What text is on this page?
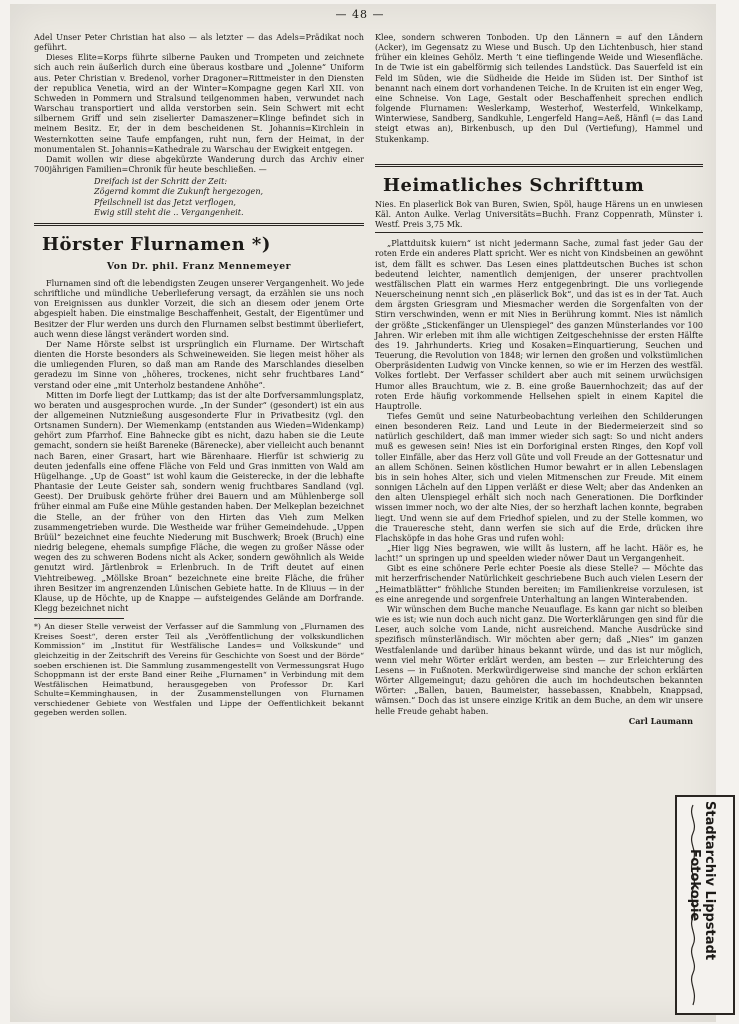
— 48 —

Adel Unser Peter Christian hat also — als letzter — das Adels=Prädikat noch geführt.

Dieses Elite=Korps führte silberne Pauken und Trompeten und zeichnete sich auch rein äußerlich durch eine überaus kostbare und „Jolenne“ Uniform aus. Peter Christian v. Bredenol, vorher Dragoner=Rittmeister in den Diensten der republica Venetia, wird an der Winter=Kompagne gegen Karl XII. von Schweden in Pommern und Stralsund teilgenommen haben, verwundet nach Warschau transportiert und allda verstorben sein. Sein Schwert mit echt silbernem Griff und sein ziselierter Damaszener=Klinge befindet sich in meinem Besitz. Er, der in dem bescheidenen St. Johannis=Kirchlein in Westernkotten seine Taufe empfangen, ruht nun, fern der Heimat, in der monumentalen St. Johannis=Kathedrale zu Warschau der Ewigkeit entgegen.

Damit wollen wir diese abgekürzte Wanderung durch das Archiv einer 700jährigen Familien=Chronik für heute beschließen. —

Dreifach ist der Schritt der Zeit:

Zögernd kommt die Zukunft hergezogen,

Pfeilschnell ist das Jetzt verflogen,

Ewig still steht die .. Vergangenheit.

Hörster Flurnamen *)
Von Dr. phil. Franz Mennemeyer

Flurnamen sind oft die lebendigsten Zeugen unserer Vergangenheit. Wo jede schriftliche und mündliche Ueberlieferung versagt, da erzählen sie uns noch von Ereignissen aus dunkler Vorzeit, die sich an diesem oder jenem Orte abgespielt haben. Die einstmalige Beschaffenheit, Gestalt, der Eigentümer und Besitzer der Flur werden uns durch den Flurnamen selbst bestimmt überliefert, auch wenn diese längst verändert worden sind.

Der Name Hörste selbst ist ursprünglich ein Flurname. Der Wirtschaft dienten die Horste besonders als Schweineweiden. Sie liegen meist höher als die umliegenden Fluren, so daß man am Rande des Marschlandes dieselben geradezu im Sinne von „höheres, trockenes, nicht sehr fruchtbares Land“ verstand oder eine „mit Unterholz bestandene Anhöhe“.

Mitten im Dorfe liegt der Luttkamp; das ist der alte Dorfversammlungsplatz, wo beraten und ausgesprochen wurde. „In der Sunder“ (gesondert) ist ein aus der allgemeinen Nutznießung ausgesonderte Flur in Privatbesitz (vgl. den Ortsnamen Sundern). Der Wiemenkamp (entstanden aus Wieden=Widenkamp) gehört zum Pfarrhof. Eine Bahnecke gibt es nicht, dazu haben sie die Leute gemacht, sondern sie heißt Bareneke (Bärenecke), aber vielleicht auch benannt nach Baren, einer Grasart, hart wie Bärenhaare. Hierfür ist schwierig zu deuten jedenfalls eine offene Fläche von Feld und Gras inmitten von Wald am Hügelhange. „Up de Goast“ ist wohl kaum die Geisterecke, in der die lebhafte Phantasie der Leute Geister sah, sondern wenig fruchtbares Sandland (vgl. Geest). Der Druibusk gehörte früher drei Bauern und am Mühlenberge soll früher einmal am Fuße eine Mühle gestanden haben. Der Melkeplan bezeichnet die Stelle, an der früher von den Hirten das Vieh zum Melken zusammengetrieben wurde. Die Westheide war früher Gemeindehude. „Uppen Brüül“ bezeichnet eine feuchte Niederung mit Buschwerk; Broek (Bruch) eine niedrig belegene, ehemals sumpfige Fläche, die wegen zu großer Nässe oder wegen des zu schweren Bodens nicht als Acker, sondern gewöhnlich als Weide genutzt wird. Järtlenbrok = Erlenbruch. In de Trift deutet auf einen Viehtreibeweg. „Möllske Broan“ bezeichnete eine breite Fläche, die früher ihren Besitzer im angrenzenden Lünischen Gebiete hatte. In de Kliuus — in der Klause, up de Höchte, up de Knappe — aufsteigendes Gelände am Dorfrande. Klegg bezeichnet nicht

*) An dieser Stelle verweist der Verfasser auf die Sammlung von „Flurnamen des Kreises Soest“, deren erster Teil als „Veröffentlichung der volkskundlichen Kommission“ im „Institut für Westfälische Landes= und Volkskunde“ und gleichzeitig in der Zeitschrift des Vereins für Geschichte von Soest und der Börde“ soeben erschienen ist. Die Sammlung zusammengestellt von Vermessungsrat Hugo Schoppmann ist der erste Band einer Reihe „Flurnamen“ in Verbindung mit dem Westfälischen Heimatbund, herausgegeben von Professor Dr. Karl Schulte=Kemminghausen, in der Zusammenstellungen von Flurnamen verschiedener Gebiete von Westfalen und Lippe der Oeffentlichkeit bekannt gegeben werden sollen.

Klee, sondern schweren Tonboden. Up den Lännern = auf den Ländern (Acker), im Gegensatz zu Wiese und Busch. Up den Lichtenbusch, hier stand früher ein kleines Gehölz. Merth ’t eine tieflingende Weide und Wiesenfläche. In de Twie ist ein gabelförmig sich teilendes Landstück. Das Sauerfeld ist ein Feld im Süden, wie die Südheide die Heide im Süden ist. Der Sinthof ist benannt nach einem dort vorhandenen Teiche. In de Kruiten ist ein enger Weg, eine Schneise. Von Lage, Gestalt oder Beschaffenheit sprechen endlich folgende Flurnamen: Weslerkamp, Westerhof, Westerfeld, Winkelkamp, Winterwiese, Sandberg, Sandkuhle, Lengerfeld Hang=Aeß, Hänfl (= das Land steigt etwas an), Birkenbusch, up den Dul (Vertiefung), Hammel und Stukenkamp.

Heimatliches Schrifttum

Nies. En plaserlick Bok van Buren, Swien, Spöl, hauge Härens un en unwiesen Käl. Anton Aulke. Verlag Universitäts=Buchh. Franz Coppenrath, Münster i. Westf. Preis 3,75 Mk.

„Plattduitsk kuiern“ ist nicht jedermann Sache, zumal fast jeder Gau der roten Erde ein anderes Platt spricht. Wer es nicht von Kindsbeinen an gewöhnt ist, dem fällt es schwer. Das Lesen eines plattdeutschen Buches ist schon bedeutend leichter, namentlich demjenigen, der unserer prachtvollen westfälischen Platt ein warmes Herz entgegenbringt. Die uns vorliegende Neuerscheinung nennt sich „en pläserlick Bok“, und das ist es in der Tat. Auch dem ärgsten Griesgram und Miesmacher werden die Sorgenfalten von der Stirn verschwinden, wenn er mit Nies in Berührung kommt. Nies ist nämlich der größte „Stickenfänger un Ulenspiegel“ des ganzen Münsterlandes vor 100 Jahren. Wir erleben mit ihm alle wichtigen Zeitgeschehnisse der ersten Hälfte des 19. Jahrhunderts. Krieg und Kosaken=Einquartierung, Seuchen und Teuerung, die Revolution von 1848; wir lernen den großen und volkstümlichen Oberpräsidenten Ludwig von Vincke kennen, so wie er im Herzen des westfäl. Volkes fortlebt. Der Verfasser schildert aber auch mit seinem urwüchsigen Humor alles Brauchtum, wie z. B. eine große Bauernhochzeit; das auf der roten Erde häufig vorkommende Hellsehen spielt in einem Kapitel die Hauptrolle.

Tiefes Gemüt und seine Naturbeobachtung verleihen den Schilderungen einen besonderen Reiz. Land und Leute in der Biedermeierzeit sind so natürlich geschildert, daß man immer wieder sich sagt: So und nicht anders muß es gewesen sein! Nies ist ein Dorforiginal ersten Ringes, den Kopf voll toller Einfälle, aber das Herz voll Güte und voll Freude an der Gottesnatur und an allem Schönen. Seinen köstlichen Humor bewahrt er in allen Lebenslagen bis in sein hohes Alter, sich und vielen Mitmenschen zur Freude. Mit einem sonnigen Lächeln auf den Lippen verläßt er diese Welt; aber das Andenken an den alten Ulenspiegel erhält sich noch nach Generationen. Die Dorfkinder wissen immer noch, wo der alte Nies, der so herzhaft lachen konnte, begraben liegt. Und wenn sie auf dem Friedhof spielen, und zu der Stelle kommen, wo die Traueresche steht, dann werfen sie sich auf die Erde, drücken ihre Flachsköpfe in das hohe Gras und rufen wohl:

„Hier ligg Nies begrawen, wie willt äs lustern, aff he lacht. Häör es, he lacht!“ un springen up und speelden wieder nöwer Daut un Vergangenheit.

Gibt es eine schönere Perle echter Poesie als diese Stelle? — Möchte das mit herzerfrischender Natürlichkeit geschriebene Buch auch vielen Lesern der „Heimatblätter“ fröhliche Stunden bereiten; im Familienkreise vorzulesen, ist es eine anregende und sorgenfreie Unterhaltung an langen Winterabenden.

Wir wünschen dem Buche manche Neuauflage. Es kann gar nicht so bleiben wie es ist; wie nun doch auch nicht ganz. Die Worterklärungen gen sind für die Leser, auch solche vom Lande, nicht ausreichend. Manche Ausdrücke sind spezifisch münsterländisch. Wir möchten aber gern; daß „Nies“ im ganzen Westfalenlande und darüber hinaus bekannt würde, und das ist nur möglich, wenn viel mehr Wörter erklärt werden, am besten — zur Erleichterung des Lesens — in Fußnoten. Merkwürdigerweise sind manche der schon erklärten Wörter Allgemeingut; dazu gehören die auch im hochdeutschen bekannten Wörter: „Ballen, bauen, Baumeister, hassebassen, Knabbeln, Knappsad, wämsen.“ Doch das ist unsere einzige Kritik an dem Buche, an dem wir unsere helle Freude gehabt haben.

Carl Laumann

Stadtarchiv Lippstadt
Fotokopie
